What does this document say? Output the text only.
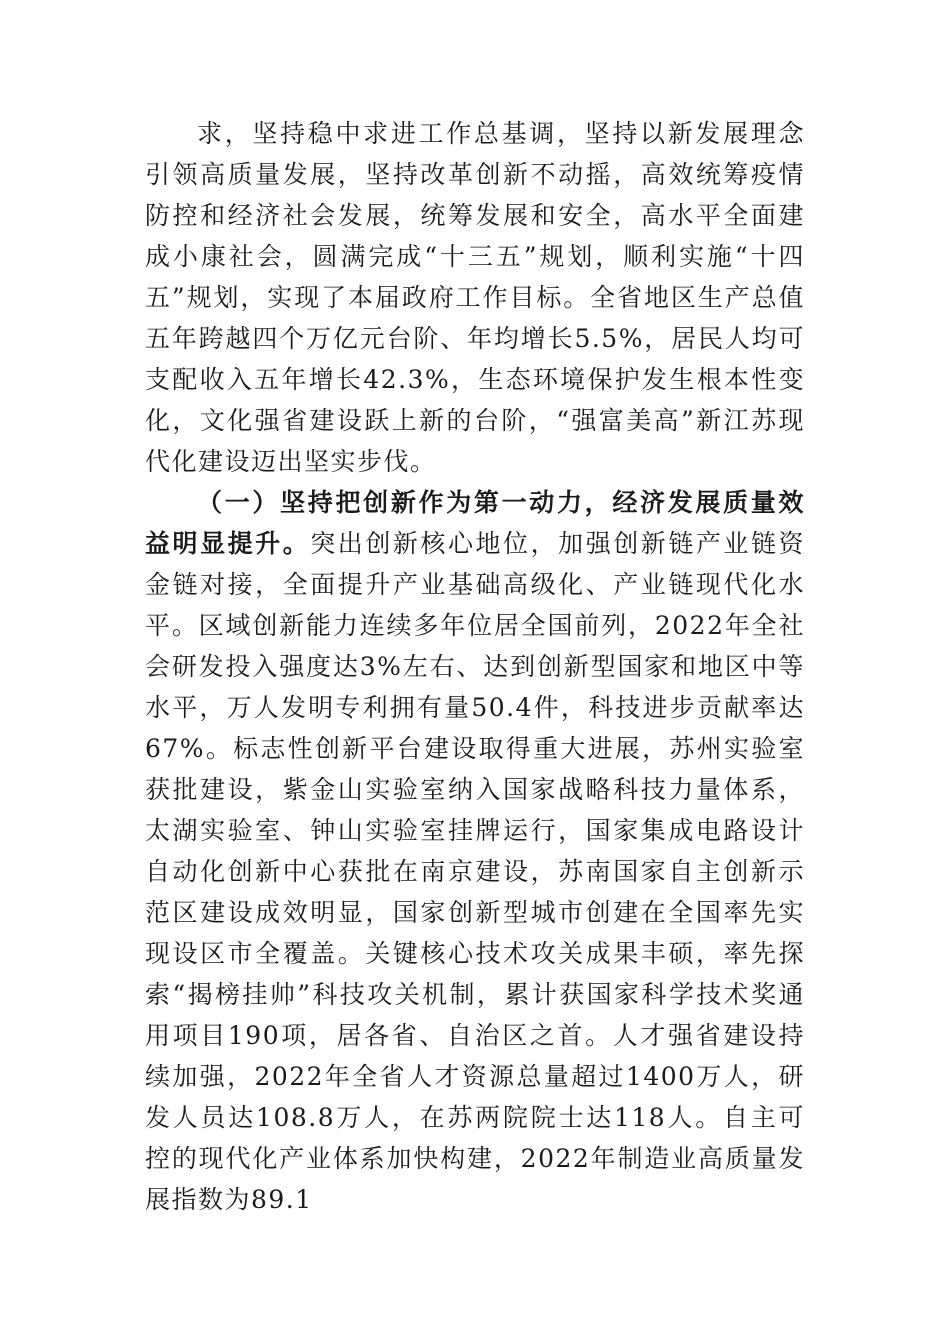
求，坚持稳中求进工作总基调，坚持以新发展理念引领高质量发展，坚持改革创新不动摇，高效统筹疫情防控和经济社会发展，统筹发展和安全，高水平全面建成小康社会，圆满完成“十三五”规划，顺利实施“十四五”规划，实现了本届政府工作目标。全省地区生产总值五年跨越四个万亿元台阶、年均增长5.5%，居民人均可支配收入五年增长42.3%，生态环境保护发生根本性变化，文化强省建设跃上新的台阶，“强富美高”新江苏现代化建设迈出坚实步伐。

（一）坚持把创新作为第一动力，经济发展质量效益明显提升。突出创新核心地位，加强创新链产业链资金链对接，全面提升产业基础高级化、产业链现代化水平。区域创新能力连续多年位居全国前列，2022年全社会研发投入强度达3%左右、达到创新型国家和地区中等水平，万人发明专利拥有量50.4件，科技进步贡献率达67%。标志性创新平台建设取得重大进展，苏州实验室获批建设，紫金山实验室纳入国家战略科技力量体系，太湖实验室、钟山实验室挂牌运行，国家集成电路设计自动化创新中心获批在南京建设，苏南国家自主创新示范区建设成效明显，国家创新型城市创建在全国率先实现设区市全覆盖。关键核心技术攻关成果丰硕，率先探索“揭榜挂帅”科技攻关机制，累计获国家科学技术奖通用项目190项，居各省、自治区之首。人才强省建设持续加强，2022年全省人才资源总量超过1400万人，研发人员达108.8万人，在苏两院院士达118人。自主可控的现代化产业体系加快构建，2022年制造业高质量发展指数为89.1
